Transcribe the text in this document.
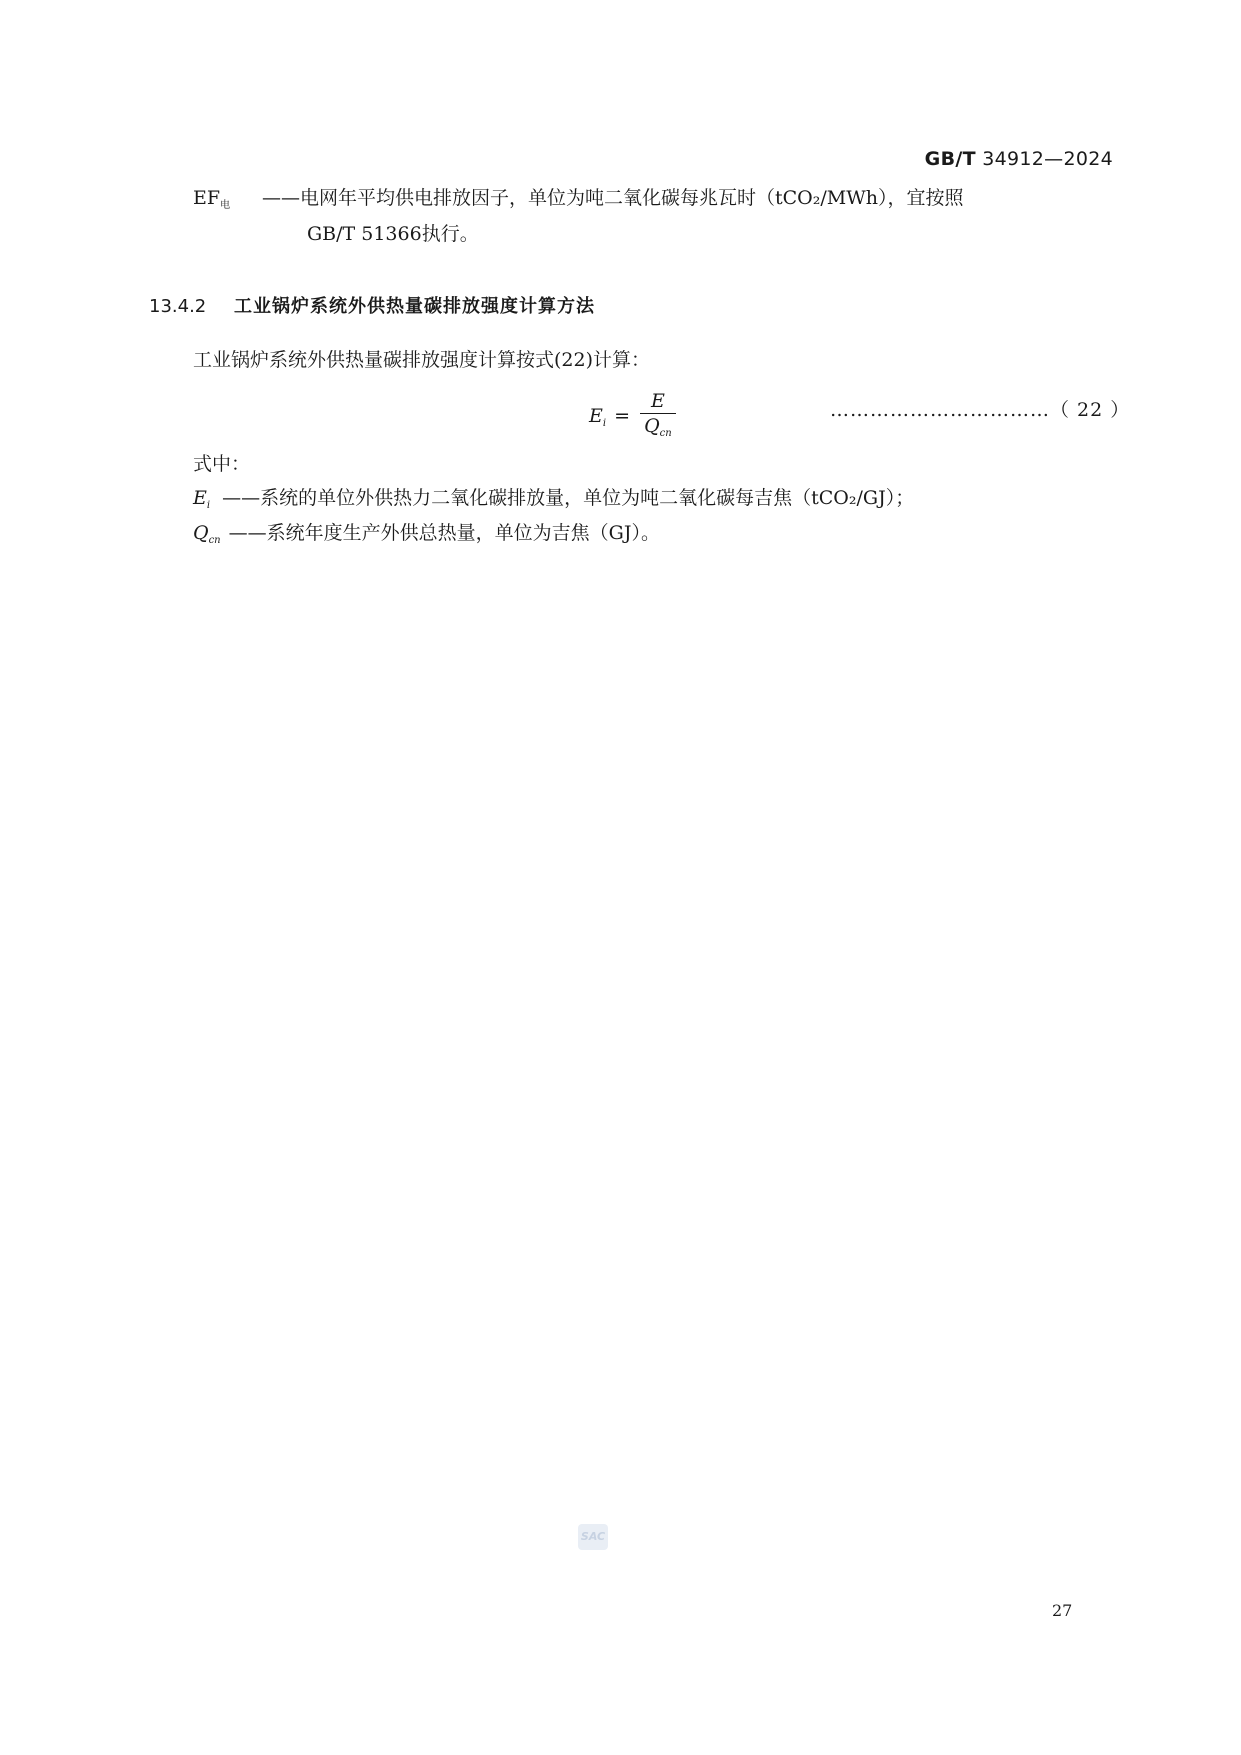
GB/T 34912—2024
$EF_电$ ——电网年平均供电排放因子，单位为吨二氧化碳每兆瓦时（tCO₂/MWh），宜按照
GB/T 51366执行。
13.4.2 工业锅炉系统外供热量碳排放强度计算方法
工业锅炉系统外供热量碳排放强度计算按式(22)计算：
$E_i = \frac{E}{Q_{cn}}$	……………………………（ 22 ）
式中：
$E_i$ ——系统的单位外供热力二氧化碳排放量，单位为吨二氧化碳每吉焦（tCO₂/GJ）；
$Q_{cn}$ ——系统年度生产外供总热量，单位为吉焦（GJ）。
SAC
27
